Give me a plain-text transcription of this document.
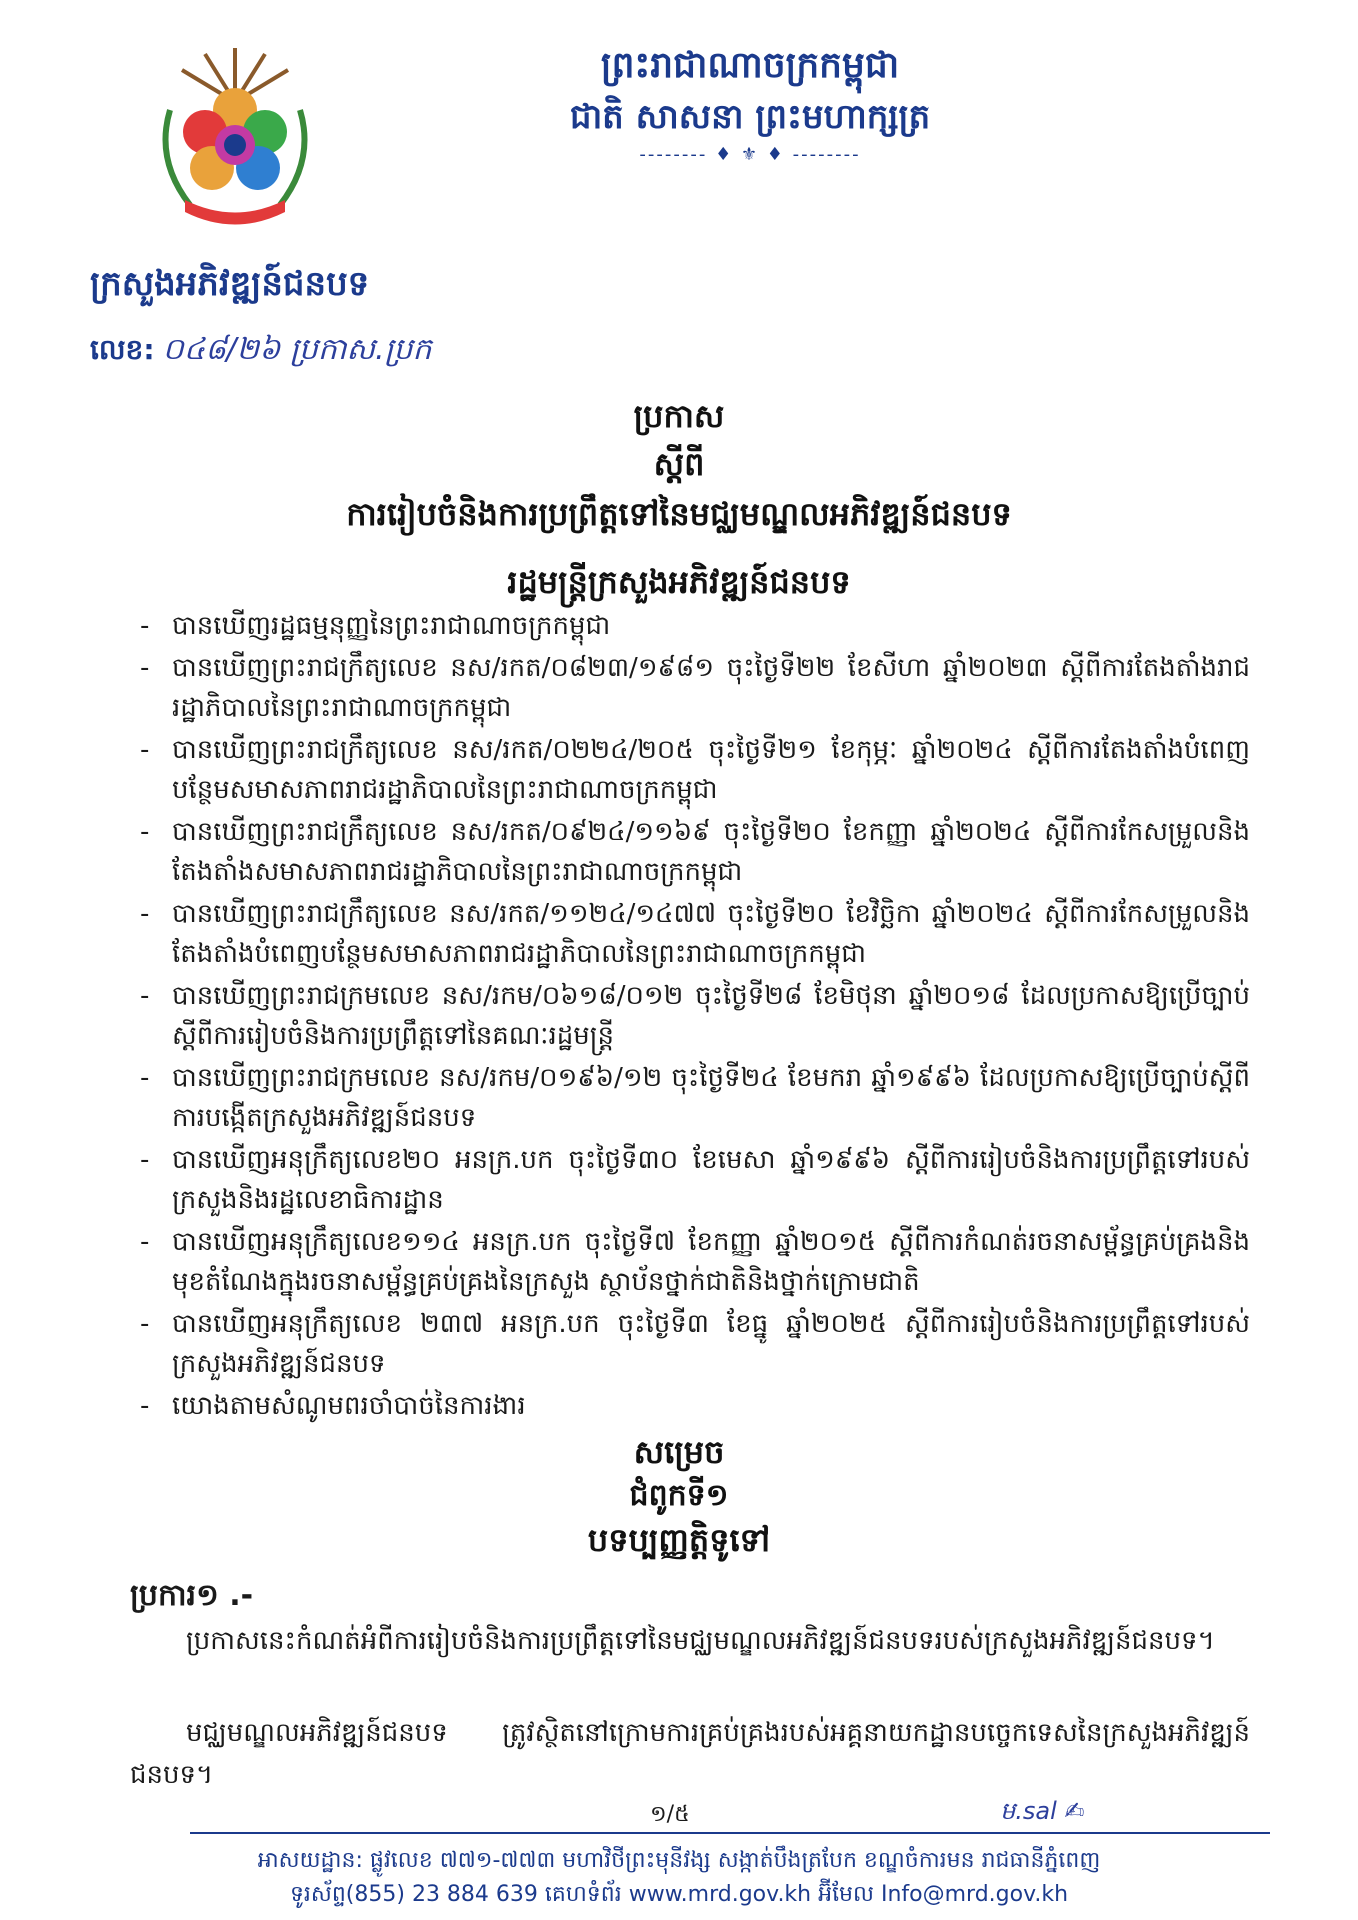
ព្រះរាជាណាចក្រកម្ពុជា
ជាតិ សាសនា ព្រះមហាក្សត្រ
-------- ♦ ⚜ ♦ --------
ក្រសួងអភិវឌ្ឍន៍ជនបទ
លេខ: ០៤៨/២៦ ប្រកាស.ប្រក
ប្រកាស
ស្ដីពី
ការរៀបចំនិងការប្រព្រឹត្តទៅនៃមជ្ឈមណ្ឌលអភិវឌ្ឍន៍ជនបទ
រដ្ឋមន្ត្រីក្រសួងអភិវឌ្ឍន៍ជនបទ
- បានឃើញរដ្ឋធម្មនុញ្ញនៃព្រះរាជាណាចក្រកម្ពុជា
- បានឃើញព្រះរាជក្រឹត្យលេខ នស/រកត/០៨២៣/១៩៨១ ចុះថ្ងៃទី២២ ខែសីហា ឆ្នាំ២០២៣ ស្ដីពីការតែងតាំងរាជរដ្ឋាភិបាលនៃព្រះរាជាណាចក្រកម្ពុជា
- បានឃើញព្រះរាជក្រឹត្យលេខ នស/រកត/០២២៤/២០៥ ចុះថ្ងៃទី២១ ខែកុម្ភៈ ឆ្នាំ២០២៤ ស្ដីពីការតែងតាំងបំពេញបន្ថែមសមាសភាពរាជរដ្ឋាភិបាលនៃព្រះរាជាណាចក្រកម្ពុជា
- បានឃើញព្រះរាជក្រឹត្យលេខ នស/រកត/០៩២៤/១១៦៩ ចុះថ្ងៃទី២០ ខែកញ្ញា ឆ្នាំ២០២៤ ស្ដីពីការកែសម្រួលនិងតែងតាំងសមាសភាពរាជរដ្ឋាភិបាលនៃព្រះរាជាណាចក្រកម្ពុជា
- បានឃើញព្រះរាជក្រឹត្យលេខ នស/រកត/១១២៤/១៤៧៧ ចុះថ្ងៃទី២០ ខែវិច្ឆិកា ឆ្នាំ២០២៤ ស្ដីពីការកែសម្រួលនិងតែងតាំងបំពេញបន្ថែមសមាសភាពរាជរដ្ឋាភិបាលនៃព្រះរាជាណាចក្រកម្ពុជា
- បានឃើញព្រះរាជក្រមលេខ នស/រកម/០៦១៨/០១២ ចុះថ្ងៃទី២៨ ខែមិថុនា ឆ្នាំ២០១៨ ដែលប្រកាសឱ្យប្រើច្បាប់ស្ដីពីការរៀបចំនិងការប្រព្រឹត្តទៅនៃគណៈរដ្ឋមន្ត្រី
- បានឃើញព្រះរាជក្រមលេខ នស/រកម/០១៩៦/១២ ចុះថ្ងៃទី២៤ ខែមករា ឆ្នាំ១៩៩៦ ដែលប្រកាសឱ្យប្រើច្បាប់ស្ដីពីការបង្កើតក្រសួងអភិវឌ្ឍន៍ជនបទ
- បានឃើញអនុក្រឹត្យលេខ២០ អនក្រ.បក ចុះថ្ងៃទី៣០ ខែមេសា ឆ្នាំ១៩៩៦ ស្ដីពីការរៀបចំនិងការប្រព្រឹត្តទៅរបស់ក្រសួងនិងរដ្ឋលេខាធិការដ្ឋាន
- បានឃើញអនុក្រឹត្យលេខ១១៤ អនក្រ.បក ចុះថ្ងៃទី៧ ខែកញ្ញា ឆ្នាំ២០១៥ ស្ដីពីការកំណត់រចនាសម្ព័ន្ធគ្រប់គ្រងនិងមុខតំណែងក្នុងរចនាសម្ព័ន្ធគ្រប់គ្រងនៃក្រសួង ស្ថាប័នថ្នាក់ជាតិនិងថ្នាក់ក្រោមជាតិ
- បានឃើញអនុក្រឹត្យលេខ ២៣៧ អនក្រ.បក ចុះថ្ងៃទី៣ ខែធ្នូ ឆ្នាំ២០២៥ ស្ដីពីការរៀបចំនិងការប្រព្រឹត្តទៅរបស់ក្រសួងអភិវឌ្ឍន៍ជនបទ
- យោងតាមសំណូមពរចាំបាច់នៃការងារ
សម្រេច
ជំពូកទី១
បទប្បញ្ញត្តិទូទៅ
ប្រការ១ .-
ប្រកាសនេះកំណត់អំពីការរៀបចំនិងការប្រព្រឹត្តទៅនៃមជ្ឈមណ្ឌលអភិវឌ្ឍន៍ជនបទរបស់ក្រសួងអភិវឌ្ឍន៍ជនបទ។
មជ្ឈមណ្ឌលអភិវឌ្ឍន៍ជនបទ ត្រូវស្ថិតនៅក្រោមការគ្រប់គ្រងរបស់អគ្គនាយកដ្ឋានបច្ចេកទេសនៃក្រសួងអភិវឌ្ឍន៍ជនបទ។
១/៥	ម.sal ✍
អាសយដ្ឋាន: ផ្លូវលេខ ៧៧១-៧៧៣ មហាវិថីព្រះមុនីវង្ស សង្កាត់បឹងត្របែក ខណ្ឌចំការមន រាជធានីភ្នំពេញ
ទូរស័ព្ទ(855) 23 884 639 គេហទំព័រ www.mrd.gov.kh អ៊ីមែល Info@mrd.gov.kh
